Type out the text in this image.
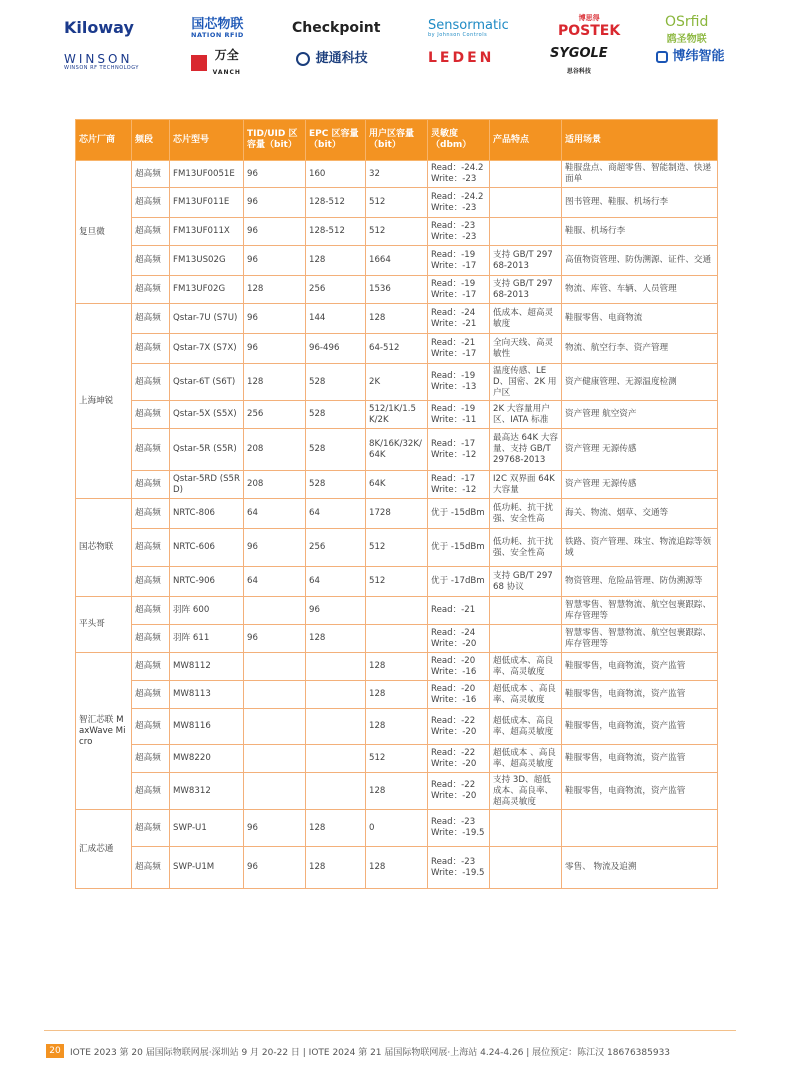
Kiloway	国芯物联
NATION RFID	Checkpoint	Sensormatic
by Johnson Controls
博思得
POSTEK
OSrfid
鸥圣物联
WINSON
WINSON RF TECHNOLOGY

万全
VANCH
捷通科技	LEDEN	SYGOLE
思谷科技
博纬智能
芯片厂商	频段	芯片型号	TID/UID 区容量（bit）	EPC 区容量（bit）	用户区容量（bit）	灵敏度（dbm）	产品特点	适用场景
复旦微	超高频	FM13UF0051E	96	160	32	Read：-24.2
Write：-23		鞋服盘点、商超零售、智能制造、快递面单
	超高频	FM13UF011E	96	128-512	512	Read：-24.2
Write：-23		图书管理、鞋服、机场行李
	超高频	FM13UF011X	96	128-512	512	Read：-23
Write：-23		鞋服、机场行李
	超高频	FM13US02G	96	128	1664	Read：-19
Write：-17	支持 GB/T 29768-2013	高值物资管理、防伪溯源、证件、交通
	超高频	FM13UF02G	128	256	1536	Read：-19
Write：-17	支持 GB/T 29768-2013	物流、库管、车辆、人员管理
上海坤锐	超高频	Qstar-7U (S7U)	96	144	128	Read：-24
Write：-21	低成本、超高灵敏度	鞋服零售、电商物流
	超高频	Qstar-7X (S7X)	96	96-496	64-512	Read：-21
Write：-17	全向天线、高灵敏性	物流、航空行李、资产管理
	超高频	Qstar-6T (S6T)	128	528	2K	Read：-19
Write：-13	温度传感、LED、国密、2K 用户区	资产健康管理、无源温度检测
	超高频	Qstar-5X (S5X)	256	528	512/1K/1.5K/2K	Read：-19
Write：-11	2K 大容量用户区、IATA 标准	资产管理 航空资产
	超高频	Qstar-5R (S5R)	208	528	8K/16K/32K/64K	Read：-17
Write：-12	最高达 64K 大容量、支持 GB/T 29768-2013	资产管理 无源传感
	超高频	Qstar-5RD (S5RD)	208	528	64K	Read：-17
Write：-12	I2C 双界面 64K 大容量	资产管理 无源传感
国芯物联	超高频	NRTC-806	64	64	1728	优于 -15dBm	低功耗、抗干扰强、安全性高	海关、物流、烟草、交通等
	超高频	NRTC-606	96	256	512	优于 -15dBm	低功耗、抗干扰强、安全性高	铁路、资产管理、珠宝、物流追踪等领域
	超高频	NRTC-906	64	64	512	优于 -17dBm	支持 GB/T 29768 协议	物资管理、危险品管理、防伪溯源等
平头哥	超高频	羽阵 600		96		Read：-21		智慧零售、智慧物流、航空包裹跟踪、库存管理等
	超高频	羽阵 611	96	128		Read：-24
Write：-20		智慧零售、智慧物流、航空包裹跟踪、库存管理等
智汇芯联 MaxWave Micro	超高频	MW8112			128	Read：-20
Write：-16	超低成本、高良率、高灵敏度	鞋服零售，电商物流，资产监管
	超高频	MW8113			128	Read：-20
Write：-16	超低成本 、高良率、高灵敏度	鞋服零售，电商物流，资产监管
	超高频	MW8116			128	Read：-22
Write：-20	超低成本、高良率、超高灵敏度	鞋服零售，电商物流，资产监管
	超高频	MW8220			512	Read：-22
Write：-20	超低成本 、高良率、超高灵敏度	鞋服零售，电商物流，资产监管
	超高频	MW8312			128	Read：-22
Write：-20	支持 3D、超低成本、高良率、超高灵敏度	鞋服零售，电商物流，资产监管
汇成芯通	超高频	SWP-U1	96	128	0	Read：-23
Write：-19.5		

	超高频	SWP-U1M	96	128	128	Read：-23
Write：-19.5		零售、 物流及追溯
20	IOTE 2023 第 20 届国际物联网展·深圳站 9 月 20-22 日 | IOTE 2024 第 21 届国际物联网展·上海站 4.24-4.26 | 展位预定：陈江汉 18676385933
